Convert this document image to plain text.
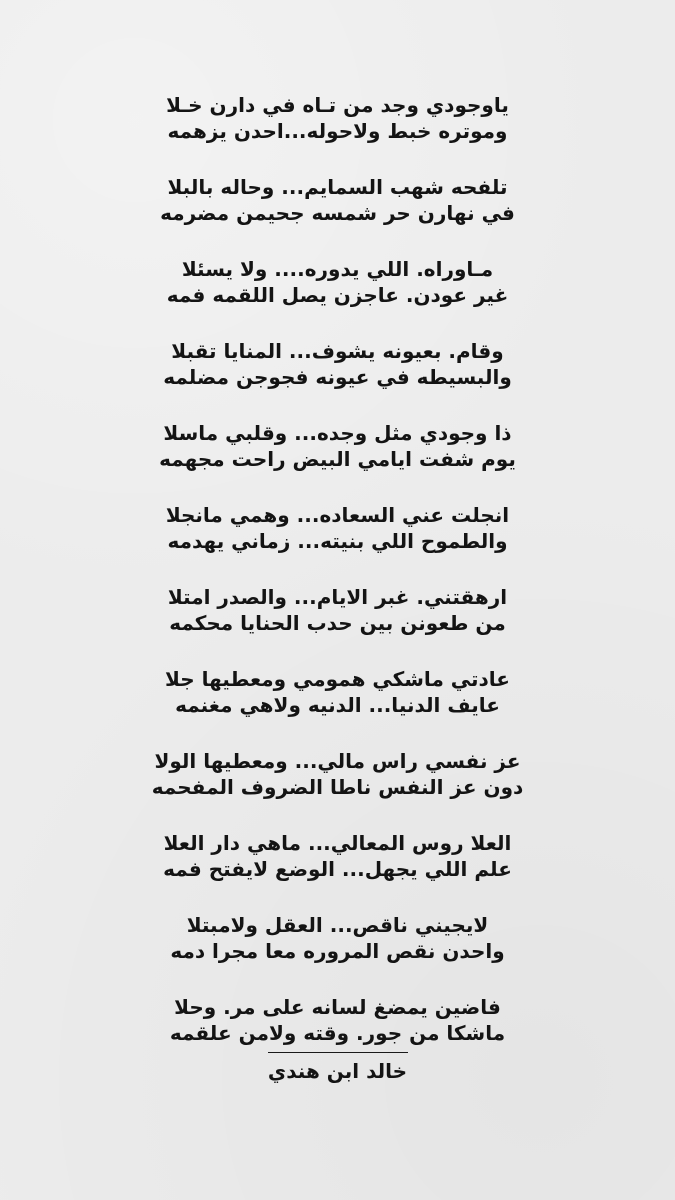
ياوجودي وجد من تـاه في دارن خـلا
وموتره خبط ولاحوله...احدن يزهمه
تلفحه شهب السمايم... وحاله بالبلا
في نهارن حر شمسه جحيمن مضرمه
مـاوراه. اللي يدوره.... ولا يسئلا
غير عودن. عاجزن يصل اللقمه فمه
وقام. بعيونه يشوف... المنايا تقبلا
والبسيطه في عيونه فجوجن مضلمه
ذا وجودي مثل وجده... وقلبي ماسلا
يوم شفت ايامي البيض راحت مجهمه
انجلت عني السعاده... وهمي مانجلا
والطموح اللي بنيته... زماني يهدمه
ارهقتني. غبر الايام... والصدر امتلا
من طعونن بين حدب الحنايا محكمه
عادتي ماشكي همومي ومعطيها جلا
عايف الدنيا... الدنيه ولاهي مغنمه
عز نفسي راس مالي... ومعطيها الولا
دون عز النفس ناطا الضروف المفحمه
العلا روس المعالي... ماهي دار العلا
علم اللي يجهل... الوضع لايفتح فمه
لايجيني ناقص... العقل ولامبتلا
واحدن نقص المروره معا مجرا دمه
فاضين يمضغ لسانه على مر. وحلا
ماشكا من جور. وقته ولامن علقمه
خالد ابن هندي
